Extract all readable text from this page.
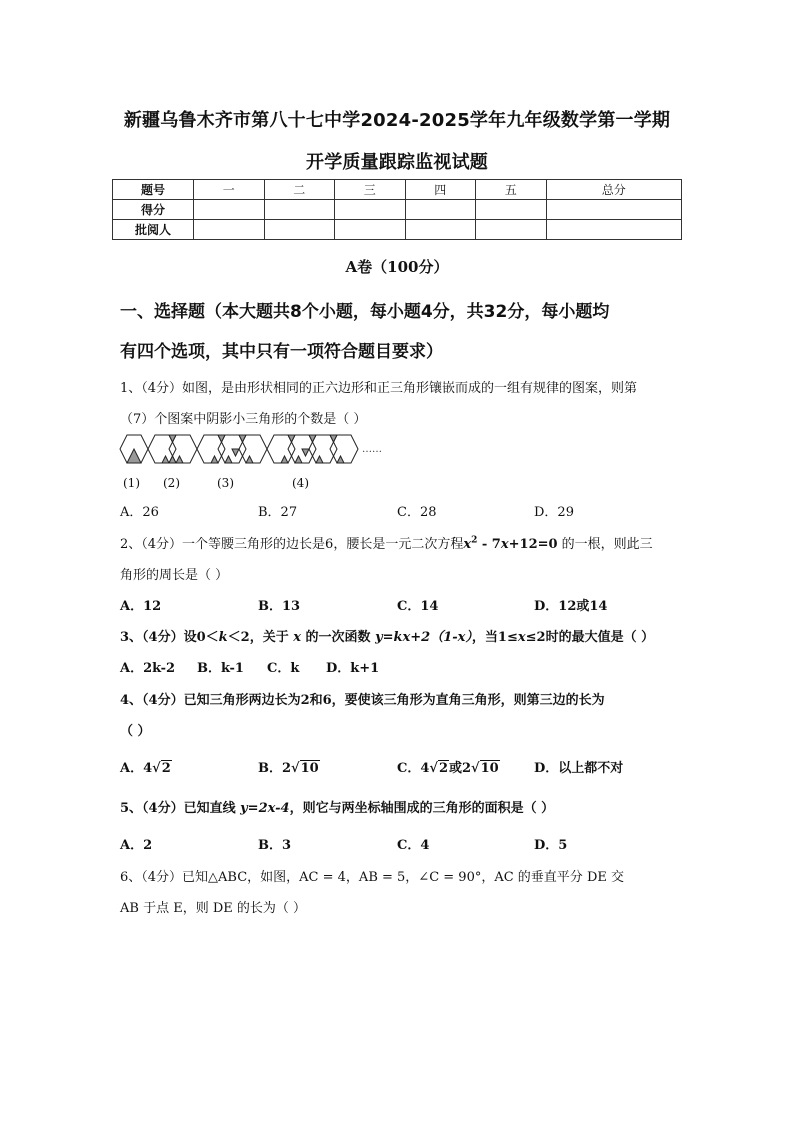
新疆乌鲁木齐市第八十七中学2024-2025学年九年级数学第一学期
开学质量跟踪监视试题
题号	一	二	三	四	五	总分
得分						
批阅人						
A卷（100分）
一、选择题（本大题共8个小题，每小题4分，共32分，每小题均
有四个选项，其中只有一项符合题目要求）
1、（4分）如图，是由形状相同的正六边形和正三角形镶嵌而成的一组有规律的图案，则第
（7）个图案中阴影小三角形的个数是（ ）
……
(1) (2)	(3)	(4)
A．26	B．27	C．28	D．29
2、（4分）一个等腰三角形的边长是6，腰长是一元二次方程$x^2 - 7x+12=0$ 的一根，则此三
角形的周长是（ ）
A．12	B．13	C．14	D．12或14
3、（4分）设0＜k＜2，关于 x 的一次函数 y=kx+2（1-x），当1≤x≤2时的最大值是（ ）
A．2k-2 B．k-1 C．k D．k+1
4、（4分）已知三角形两边长为2和6，要使该三角形为直角三角形，则第三边的长为
（ ）
A．4√2	B．2√10	C．4√2或2√10	D．以上都不对
5、（4分）已知直线 y=2x-4，则它与两坐标轴围成的三角形的面积是（ ）
A．2	B．3	C．4	D．5
6、（4分）已知△ABC，如图，AC = 4，AB = 5，∠C = 90°，AC 的垂直平分 DE 交
AB 于点 E，则 DE 的长为（ ）
